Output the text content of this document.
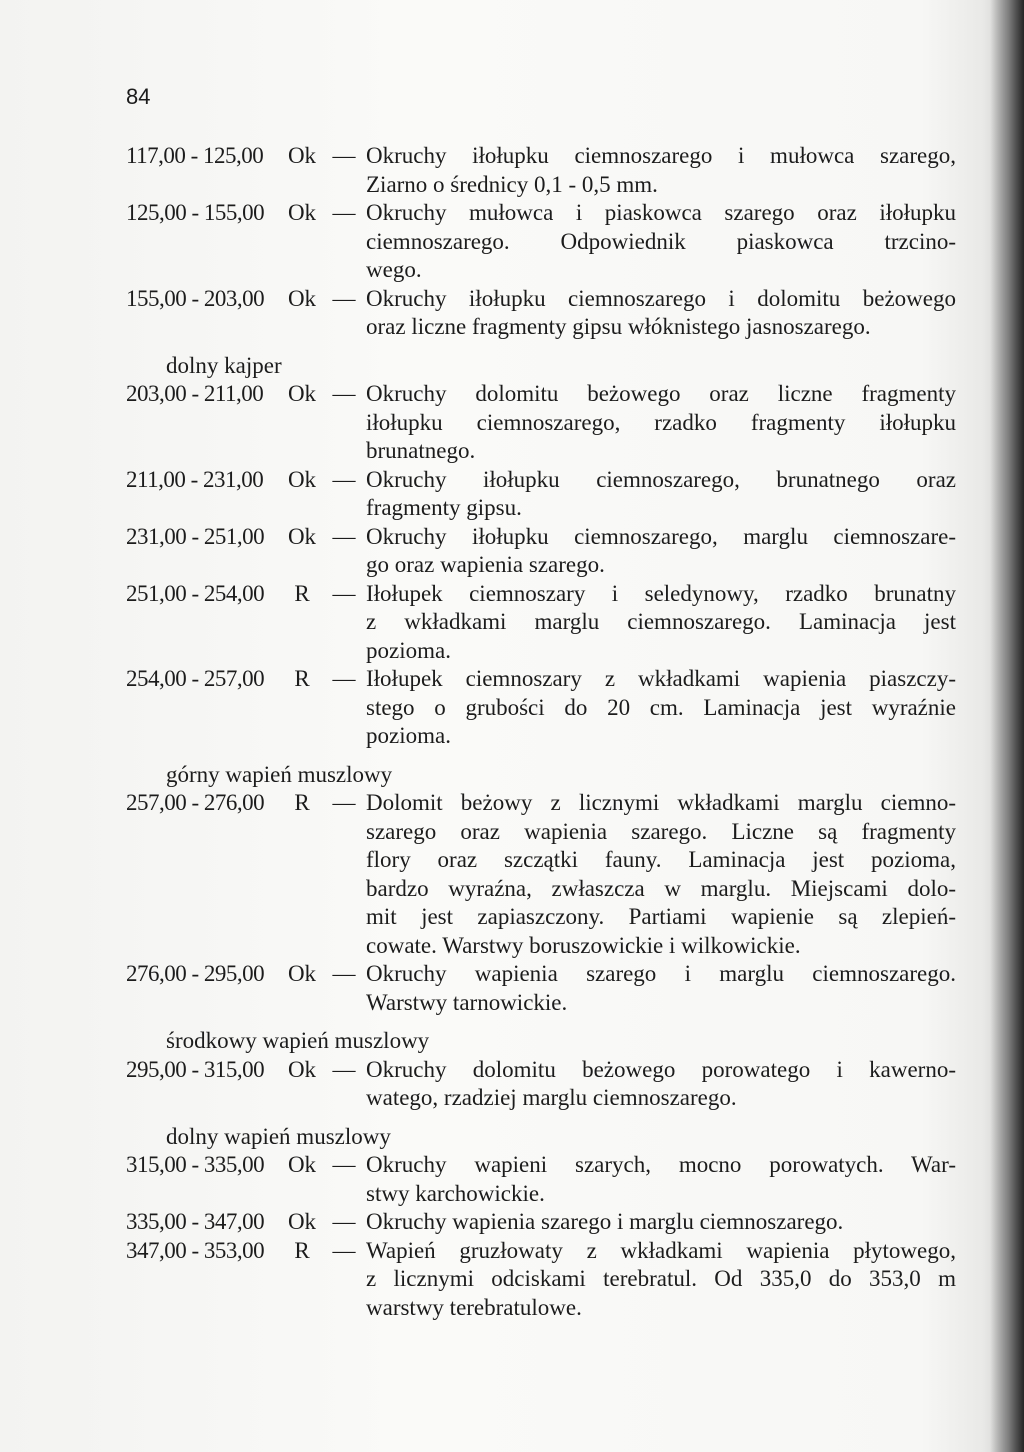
84
117,00 - 125,00	Ok — Okruchy iłołupku ciemnoszarego i mułowca szarego,
Ziarno o średnicy 0,1 - 0,5 mm.
125,00 - 155,00	Ok — Okruchy mułowca i piaskowca szarego oraz iłołupku
ciemnoszarego. Odpowiednik piaskowca trzcino-
wego.
155,00 - 203,00	Ok — Okruchy iłołupku ciemnoszarego i dolomitu beżowego
oraz liczne fragmenty gipsu włóknistego jasnoszarego.
dolny kajper
203,00 - 211,00	Ok — Okruchy dolomitu beżowego oraz liczne fragmenty
iłołupku ciemnoszarego, rzadko fragmenty iłołupku
brunatnego.
211,00 - 231,00	Ok — Okruchy iłołupku ciemnoszarego, brunatnego oraz
fragmenty gipsu.
231,00 - 251,00	Ok — Okruchy iłołupku ciemnoszarego, marglu ciemnoszare-
go oraz wapienia szarego.
251,00 - 254,00	R — Iłołupek ciemnoszary i seledynowy, rzadko brunatny
z wkładkami marglu ciemnoszarego. Laminacja jest
pozioma.
254,00 - 257,00	R — Iłołupek ciemnoszary z wkładkami wapienia piaszczy-
stego o grubości do 20 cm. Laminacja jest wyraźnie
pozioma.
górny wapień muszlowy
257,00 - 276,00	R — Dolomit beżowy z licznymi wkładkami marglu ciemno-
szarego oraz wapienia szarego. Liczne są fragmenty
flory oraz szczątki fauny. Laminacja jest pozioma,
bardzo wyraźna, zwłaszcza w marglu. Miejscami dolo-
mit jest zapiaszczony. Partiami wapienie są zlepień-
cowate. Warstwy boruszowickie i wilkowickie.
276,00 - 295,00	Ok — Okruchy wapienia szarego i marglu ciemnoszarego.
Warstwy tarnowickie.
środkowy wapień muszlowy
295,00 - 315,00	Ok — Okruchy dolomitu beżowego porowatego i kawerno-
watego, rzadziej marglu ciemnoszarego.
dolny wapień muszlowy
315,00 - 335,00	Ok — Okruchy wapieni szarych, mocno porowatych. War-
stwy karchowickie.
335,00 - 347,00	Ok — Okruchy wapienia szarego i marglu ciemnoszarego.
347,00 - 353,00	R — Wapień gruzłowaty z wkładkami wapienia płytowego,
z licznymi odciskami terebratul. Od 335,0 do 353,0 m
warstwy terebratulowe.
